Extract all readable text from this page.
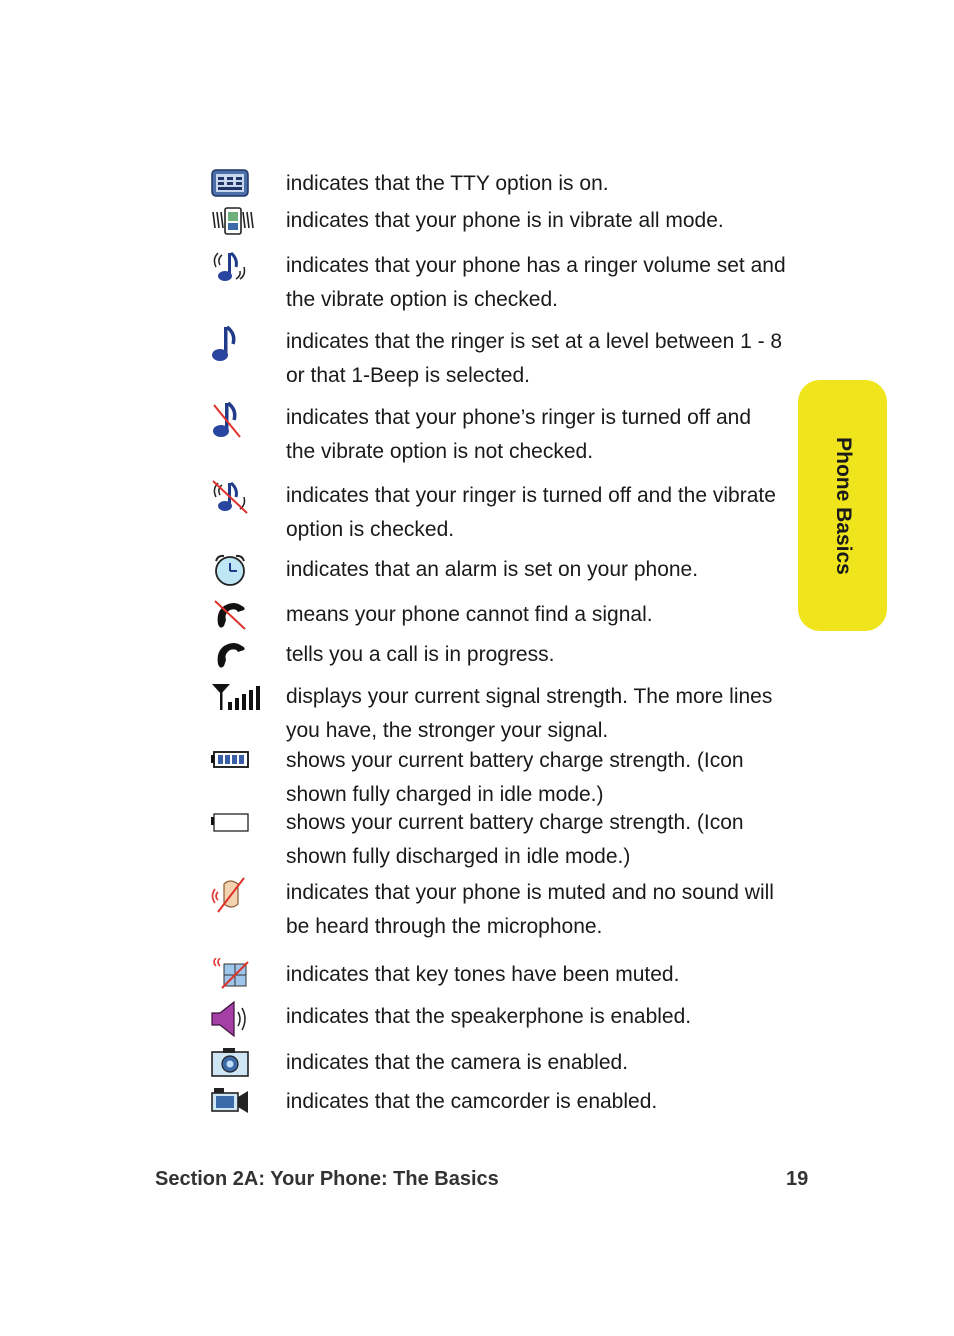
indicates that the TTY option is on.
indicates that your phone is in vibrate all mode.
indicates that your phone has a ringer volume set and the vibrate option is checked.
indicates that the ringer is set at a level between 1 - 8 or that 1-Beep is selected.
indicates that your phone’s ringer is turned off and the vibrate option is not checked.
indicates that your ringer is turned off and the vibrate option is checked.
indicates that an alarm is set on your phone.
means your phone cannot find a signal.
tells you a call is in progress.
displays your current signal strength. The more lines you have, the stronger your signal.
shows your current battery charge strength. (Icon shown fully charged in idle mode.)
shows your current battery charge strength. (Icon shown fully discharged in idle mode.)
indicates that your phone is muted and no sound will be heard through the microphone.
indicates that key tones have been muted.
indicates that the speakerphone is enabled.
indicates that the camera is enabled.
indicates that the camcorder is enabled.
Phone Basics
Section 2A: Your Phone: The Basics	19
